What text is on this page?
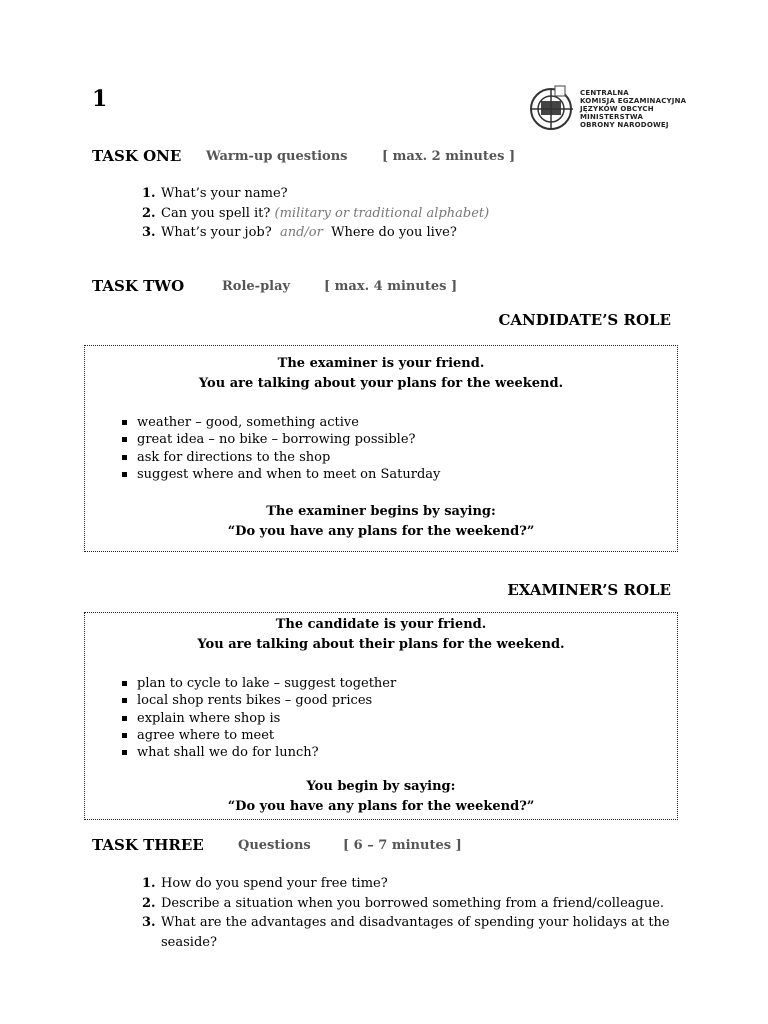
1	CENTRALNA
KOMISJA EGZAMINACYJNA
JĘZYKÓW OBCYCH
MINISTERSTWA
OBRONY NARODOWEJ
TASK ONE Warm-up questions	[ max. 2 minutes ]
1. What’s your name?
2. Can you spell it? (military or traditional alphabet)
3. What’s your job? and/or Where do you live?
TASK TWO	Role-play	[ max. 4 minutes ]
CANDIDATE’S ROLE
The examiner is your friend.
You are talking about your plans for the weekend.
weather – good, something active
great idea – no bike – borrowing possible?
ask for directions to the shop
suggest where and when to meet on Saturday
The examiner begins by saying:
“Do you have any plans for the weekend?”
EXAMINER’S ROLE
The candidate is your friend.
You are talking about their plans for the weekend.
plan to cycle to lake – suggest together
local shop rents bikes – good prices
explain where shop is
agree where to meet
what shall we do for lunch?
You begin by saying:
“Do you have any plans for the weekend?”
TASK THREE	Questions [ 6 – 7 minutes ]
1. How do you spend your free time?
2. Describe a situation when you borrowed something from a friend/colleague.
3. What are the advantages and disadvantages of spending your holidays at the
seaside?
